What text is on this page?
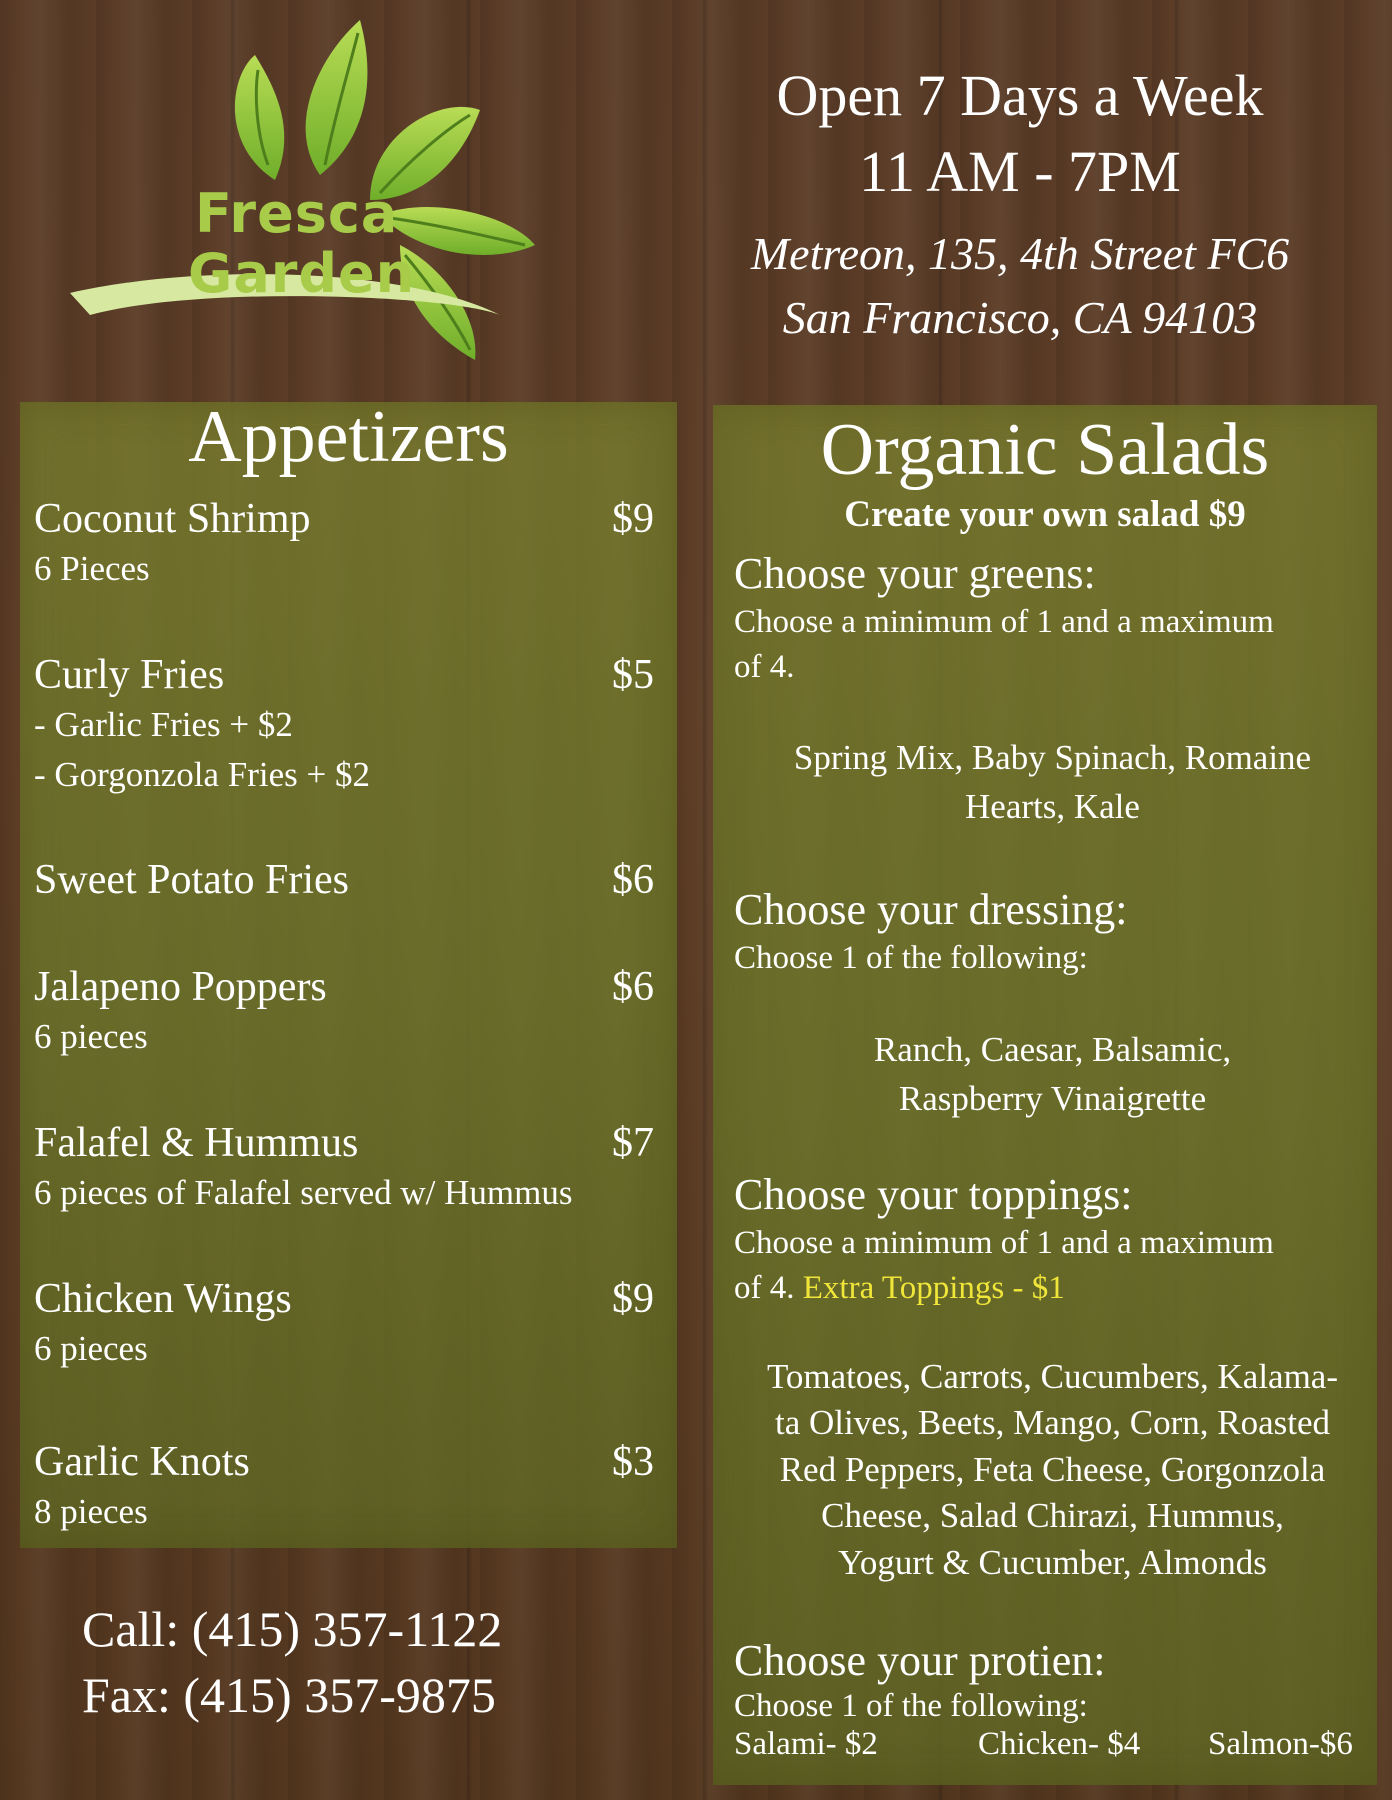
Fresca
Garden
Open 7 Days a Week
11 AM - 7PM
Metreon, 135, 4th Street FC6
San Francisco, CA 94103
Appetizers
Coconut Shrimp	$9
6 Pieces
Curly Fries	$5
- Garlic Fries + $2
- Gorgonzola Fries + $2
Sweet Potato Fries	$6
Jalapeno Poppers	$6
6 pieces
Falafel & Hummus	$7
6 pieces of Falafel served w/ Hummus
Chicken Wings	$9
6 pieces
Garlic Knots	$3
8 pieces
Call: (415) 357-1122
Fax: (415) 357-9875
Organic Salads
Create your own salad $9
Choose your greens:
Choose a minimum of 1 and a maximum
of 4.
Spring Mix, Baby Spinach, Romaine
Hearts, Kale
Choose your dressing:
Choose 1 of the following:
Ranch, Caesar, Balsamic,
Raspberry Vinaigrette
Choose your toppings:
Choose a minimum of 1 and a maximum
of 4. Extra Toppings - $1
Tomatoes, Carrots, Cucumbers, Kalama-
ta Olives, Beets, Mango, Corn, Roasted
Red Peppers, Feta Cheese, Gorgonzola
Cheese, Salad Chirazi, Hummus,
Yogurt & Cucumber, Almonds
Choose your protien:
Choose 1 of the following:
Salami- $2	Chicken- $4 Salmon-$6
